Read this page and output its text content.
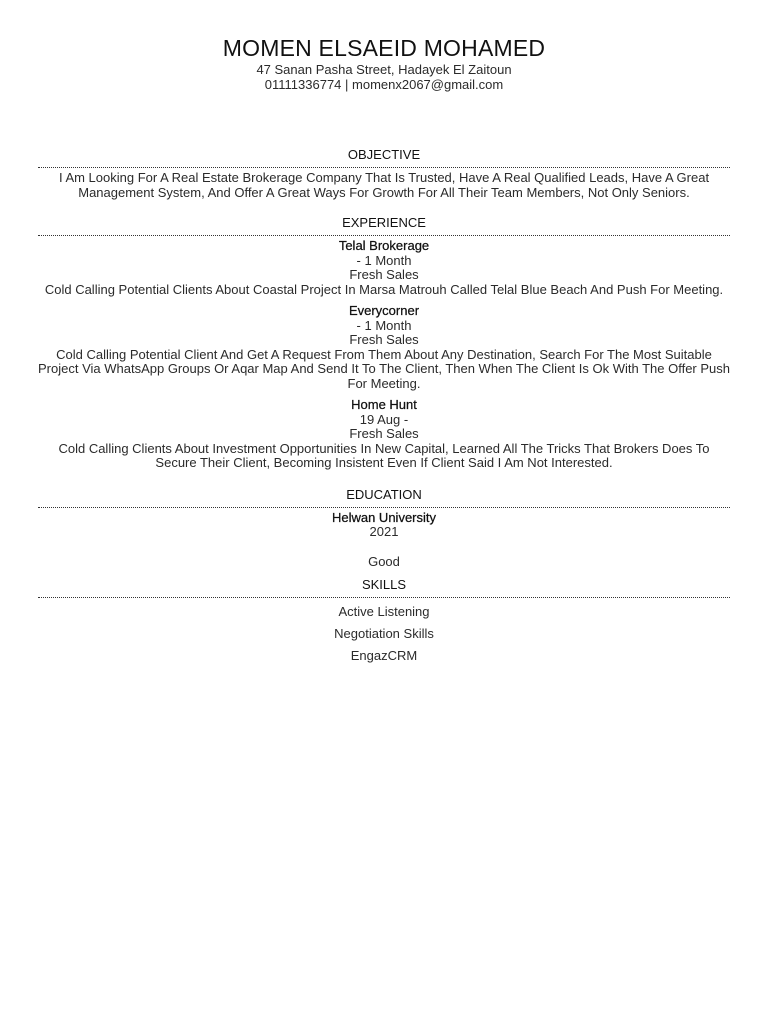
MOMEN ELSAEID MOHAMED
47 Sanan Pasha Street, Hadayek El Zaitoun
01111336774 | momenx2067@gmail.com
OBJECTIVE
I Am Looking For A Real Estate Brokerage Company That Is Trusted, Have A Real Qualified Leads, Have A Great Management System, And Offer A Great Ways For Growth For All Their Team Members, Not Only Seniors.
EXPERIENCE
Telal Brokerage
- 1 Month
Fresh Sales
Cold Calling Potential Clients About Coastal Project In Marsa Matrouh Called Telal Blue Beach And Push For Meeting.
Everycorner
- 1 Month
Fresh Sales
Cold Calling Potential Client And Get A Request From Them About Any Destination, Search For The Most Suitable Project Via WhatsApp Groups Or Aqar Map And Send It To The Client, Then When The Client Is Ok With The Offer Push For Meeting.
Home Hunt
19 Aug -
Fresh Sales
Cold Calling Clients About Investment Opportunities In New Capital, Learned All The Tricks That Brokers Does To Secure Their Client, Becoming Insistent Even If Client Said I Am Not Interested.
EDUCATION
Helwan University
2021
Good
SKILLS
Active Listening
Negotiation Skills
EngazCRM
